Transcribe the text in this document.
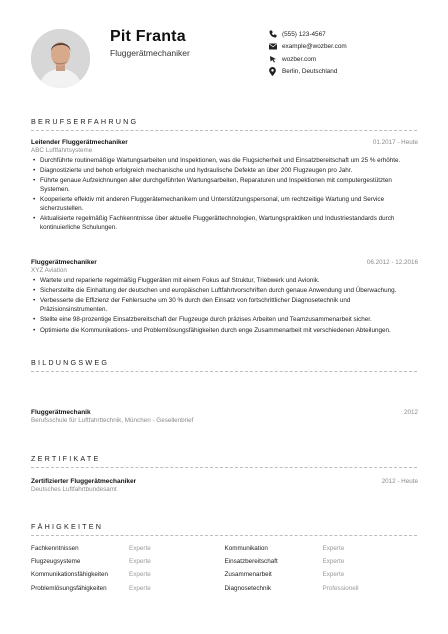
Pit Franta
Fluggerätmechaniker
(555) 123-4567
example@wozber.com
wozber.com
Berlin, Deutschland
BERUFSERFAHRUNG
Leitender Fluggerätmechaniker	01.2017 - Heute
ABC Luftfahrtsysteme
• Durchführte routinemäßige Wartungsarbeiten und Inspektionen, was die Flugsicherheit und Einsatzbereitschaft um 25 % erhöhte.
• Diagnostizierte und behob erfolgreich mechanische und hydraulische Defekte an über 200 Flugzeugen pro Jahr.
• Führte genaue Aufzeichnungen aller durchgeführten Wartungsarbeiten, Reparaturen und Inspektionen mit computergestützten Systemen.
• Kooperierte effektiv mit anderen Fluggerätemechanikern und Unterstützungspersonal, um rechtzeitige Wartung und Service sicherzustellen.
• Aktualisierte regelmäßig Fachkenntnisse über aktuelle Fluggerättechnologien, Wartungspraktiken und Industriestandards durch kontinuierliche Schulungen.
Fluggerätmechaniker	06.2012 - 12.2016
XYZ Aviation
• Wartete und reparierte regelmäßig Fluggeräten mit einem Fokus auf Struktur, Triebwerk und Avionik.
• Sicherstellte die Einhaltung der deutschen und europäischen Luftfahrtvorschriften durch genaue Anwendung und Überwachung.
• Verbesserte die Effizienz der Fehlersuche um 30 % durch den Einsatz von fortschrittlicher Diagnosetechnik und Präzisionsinstrumenten.
• Stellte eine 98-prozentige Einsatzbereitschaft der Flugzeuge durch präzises Arbeiten und Teamzusammenarbeit sicher.
• Optimierte die Kommunikations- und Problemlösungsfähigkeiten durch enge Zusammenarbeit mit verschiedenen Abteilungen.
BILDUNGSWEG
Fluggerätmechanik	2012
Berufsschule für Luftfahrttechnik, München - Gesellenbrief
ZERTIFIKATE
Zertifizierter Fluggerätmechaniker	2012 - Heute
Deutsches Luftfahrtbundesamt
FÄHIGKEITEN
Fachkenntnissen	Experte	Kommunikation	Experte
Flugzeugsysteme	Experte	Einsatzbereitschaft	Experte
Kommunikationsfähigkeiten	Experte	Zusammenarbeit	Experte
Problemlösungsfähigkeiten	Experte	Diagnosetechnik	Professionell
